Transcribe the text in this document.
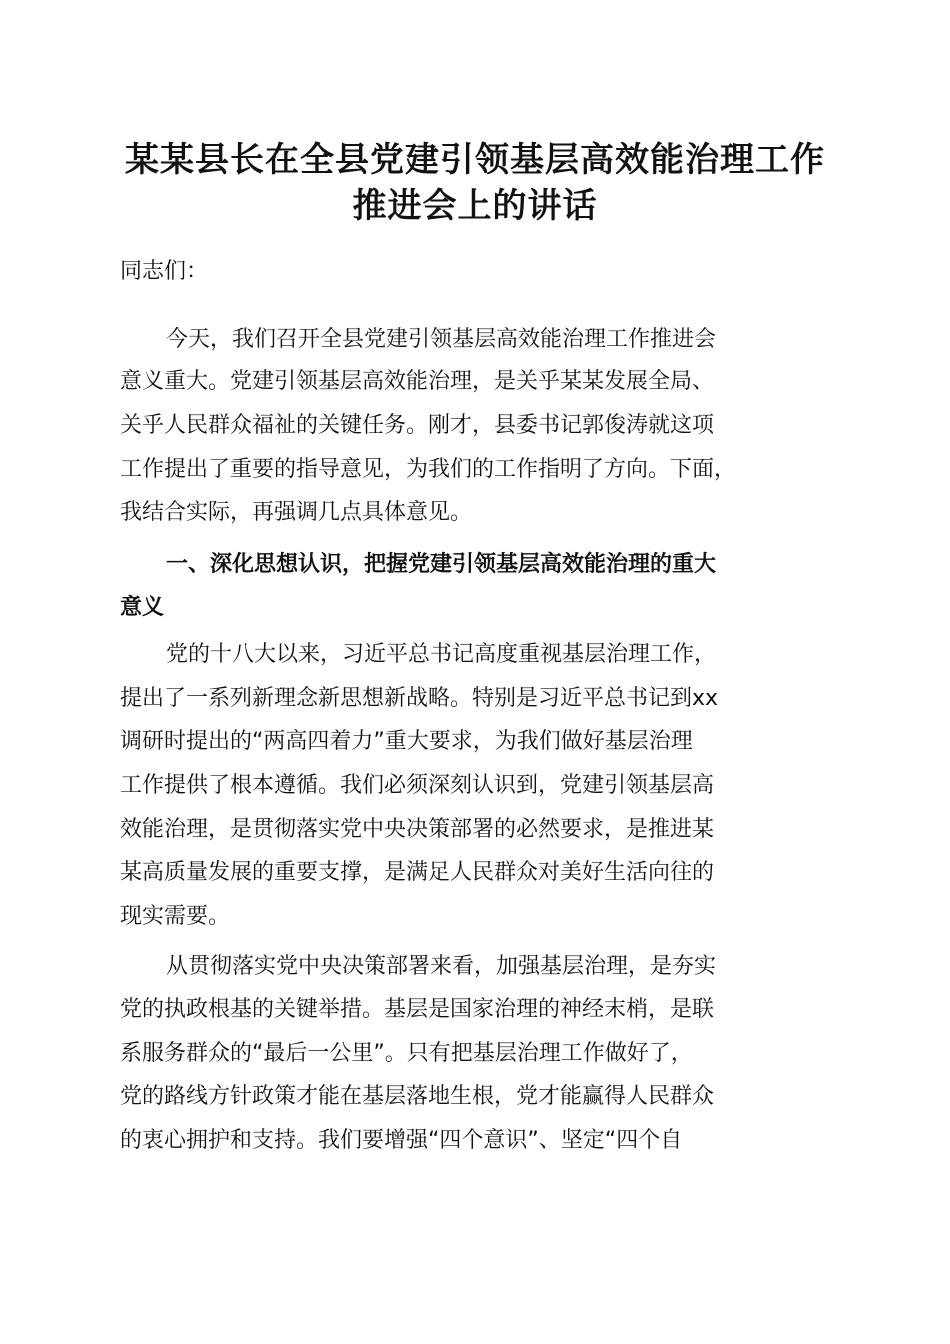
某某县长在全县党建引领基层高效能治理工作
推进会上的讲话

同志们：

今天，我们召开全县党建引领基层高效能治理工作推进会

意义重大。党建引领基层高效能治理，是关乎某某发展全局、

关乎人民群众福祉的关键任务。刚才，县委书记郭俊涛就这项

工作提出了重要的指导意见，为我们的工作指明了方向。下面，

我结合实际，再强调几点具体意见。

一、深化思想认识，把握党建引领基层高效能治理的重大

意义

党的十八大以来，习近平总书记高度重视基层治理工作，

提出了一系列新理念新思想新战略。特别是习近平总书记到xx

调研时提出的“两高四着力”重大要求，为我们做好基层治理

工作提供了根本遵循。我们必须深刻认识到，党建引领基层高

效能治理，是贯彻落实党中央决策部署的必然要求，是推进某

某高质量发展的重要支撑，是满足人民群众对美好生活向往的

现实需要。

从贯彻落实党中央决策部署来看，加强基层治理，是夯实

党的执政根基的关键举措。基层是国家治理的神经末梢，是联

系服务群众的“最后一公里”。只有把基层治理工作做好了，

党的路线方针政策才能在基层落地生根，党才能赢得人民群众

的衷心拥护和支持。我们要增强“四个意识”、坚定“四个自
